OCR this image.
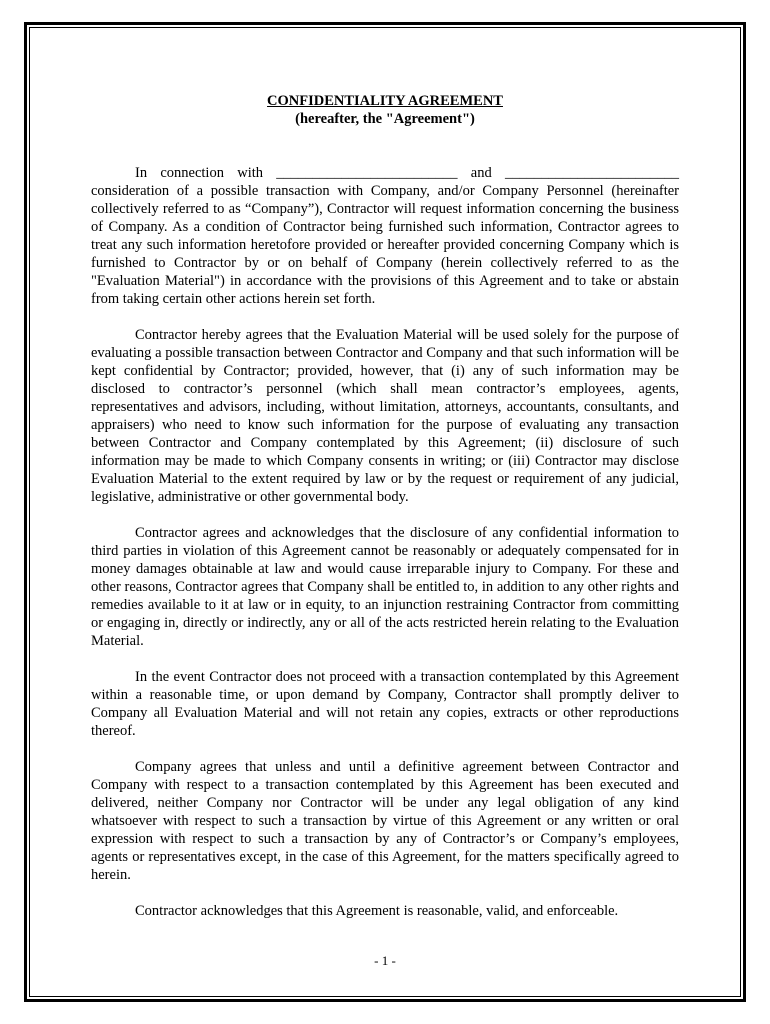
CONFIDENTIALITY AGREEMENT
(hereafter, the "Agreement")

In connection with _________________________ and ________________________ consideration of a possible transaction with Company, and/or Company Personnel (hereinafter collectively referred to as “Company”), Contractor will request information concerning the business of Company. As a condition of Contractor being furnished such information, Contractor agrees to treat any such information heretofore provided or hereafter provided concerning Company which is furnished to Contractor by or on behalf of Company (herein collectively referred to as the "Evaluation Material") in accordance with the provisions of this Agreement and to take or abstain from taking certain other actions herein set forth.

Contractor hereby agrees that the Evaluation Material will be used solely for the purpose of evaluating a possible transaction between Contractor and Company and that such information will be kept confidential by Contractor; provided, however, that (i) any of such information may be disclosed to contractor’s personnel (which shall mean contractor’s employees, agents, representatives and advisors, including, without limitation, attorneys, accountants, consultants, and appraisers) who need to know such information for the purpose of evaluating any transaction between Contractor and Company contemplated by this Agreement; (ii) disclosure of such information may be made to which Company consents in writing; or (iii) Contractor may disclose Evaluation Material to the extent required by law or by the request or requirement of any judicial, legislative, administrative or other governmental body.

Contractor agrees and acknowledges that the disclosure of any confidential information to third parties in violation of this Agreement cannot be reasonably or adequately compensated for in money damages obtainable at law and would cause irreparable injury to Company. For these and other reasons, Contractor agrees that Company shall be entitled to, in addition to any other rights and remedies available to it at law or in equity, to an injunction restraining Contractor from committing or engaging in, directly or indirectly, any or all of the acts restricted herein relating to the Evaluation Material.

In the event Contractor does not proceed with a transaction contemplated by this Agreement within a reasonable time, or upon demand by Company, Contractor shall promptly deliver to Company all Evaluation Material and will not retain any copies, extracts or other reproductions thereof.

Company agrees that unless and until a definitive agreement between Contractor and Company with respect to a transaction contemplated by this Agreement has been executed and delivered, neither Company nor Contractor will be under any legal obligation of any kind whatsoever with respect to such a transaction by virtue of this Agreement or any written or oral expression with respect to such a transaction by any of Contractor’s or Company’s employees, agents or representatives except, in the case of this Agreement, for the matters specifically agreed to herein.

Contractor acknowledges that this Agreement is reasonable, valid, and enforceable.

- 1 -
